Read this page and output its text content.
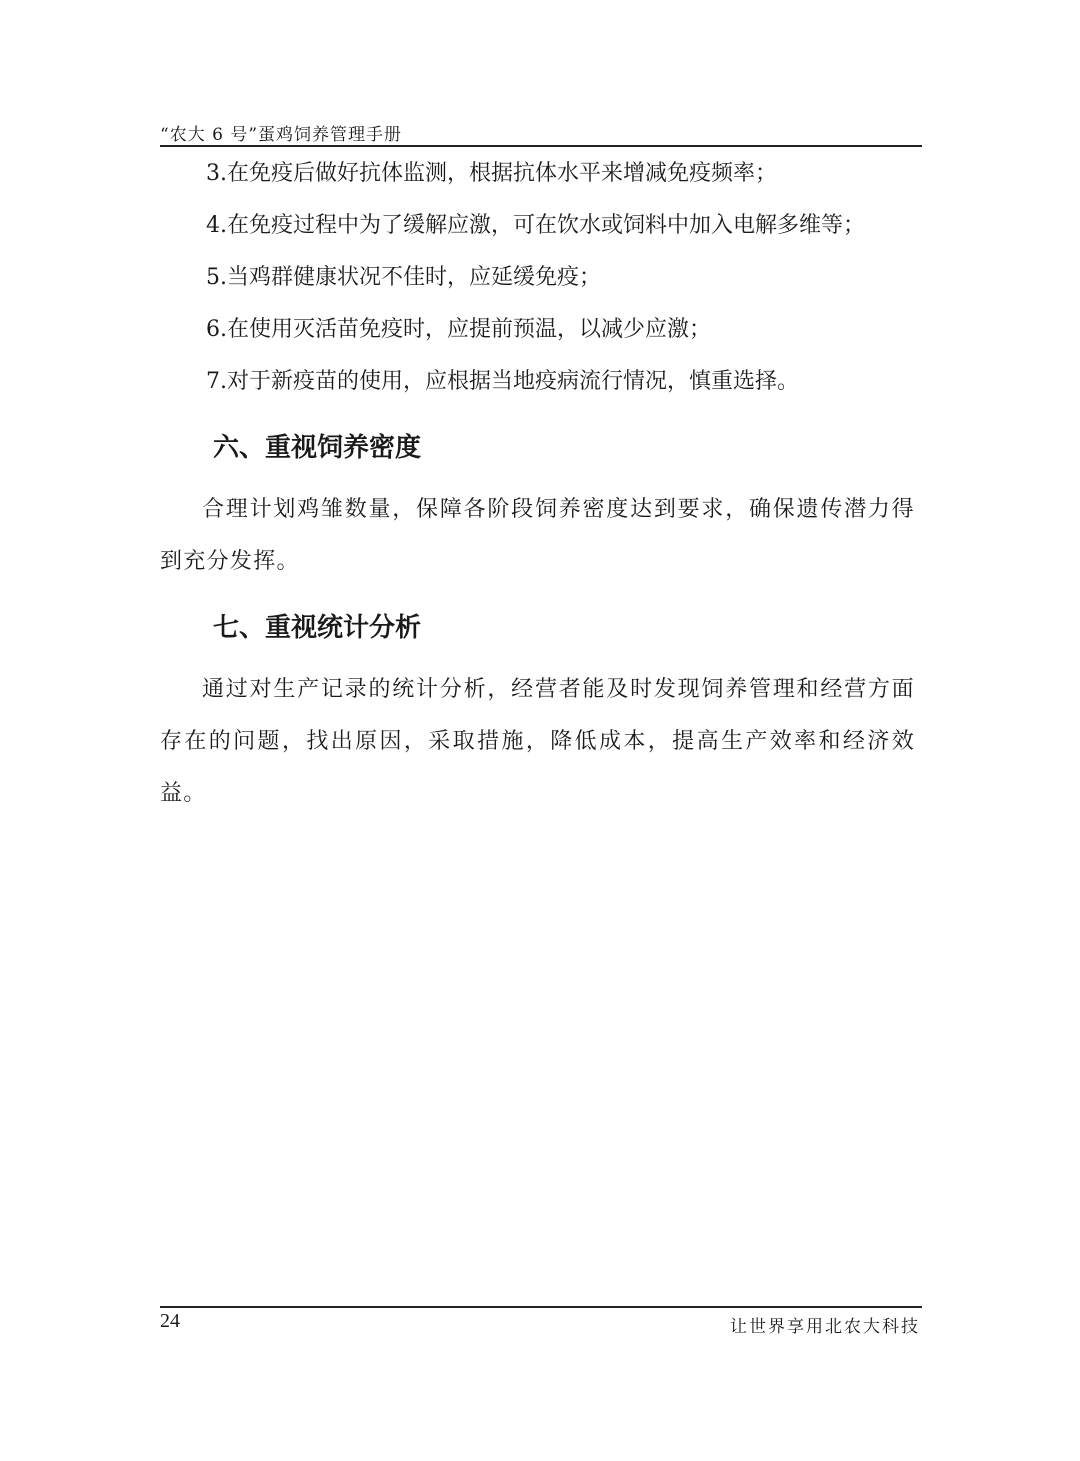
“农大 6 号”蛋鸡饲养管理手册

3.在免疫后做好抗体监测，根据抗体水平来增减免疫频率；

4.在免疫过程中为了缓解应激，可在饮水或饲料中加入电解多维等；

5.当鸡群健康状况不佳时，应延缓免疫；

6.在使用灭活苗免疫时，应提前预温，以减少应激；

7.对于新疫苗的使用，应根据当地疫病流行情况，慎重选择。

六、重视饲养密度

合理计划鸡雏数量，保障各阶段饲养密度达到要求，确保遗传潜力得到充分发挥。

七、重视统计分析

通过对生产记录的统计分析，经营者能及时发现饲养管理和经营方面存在的问题，找出原因，采取措施，降低成本，提高生产效率和经济效益。

24	让世界享用北农大科技
